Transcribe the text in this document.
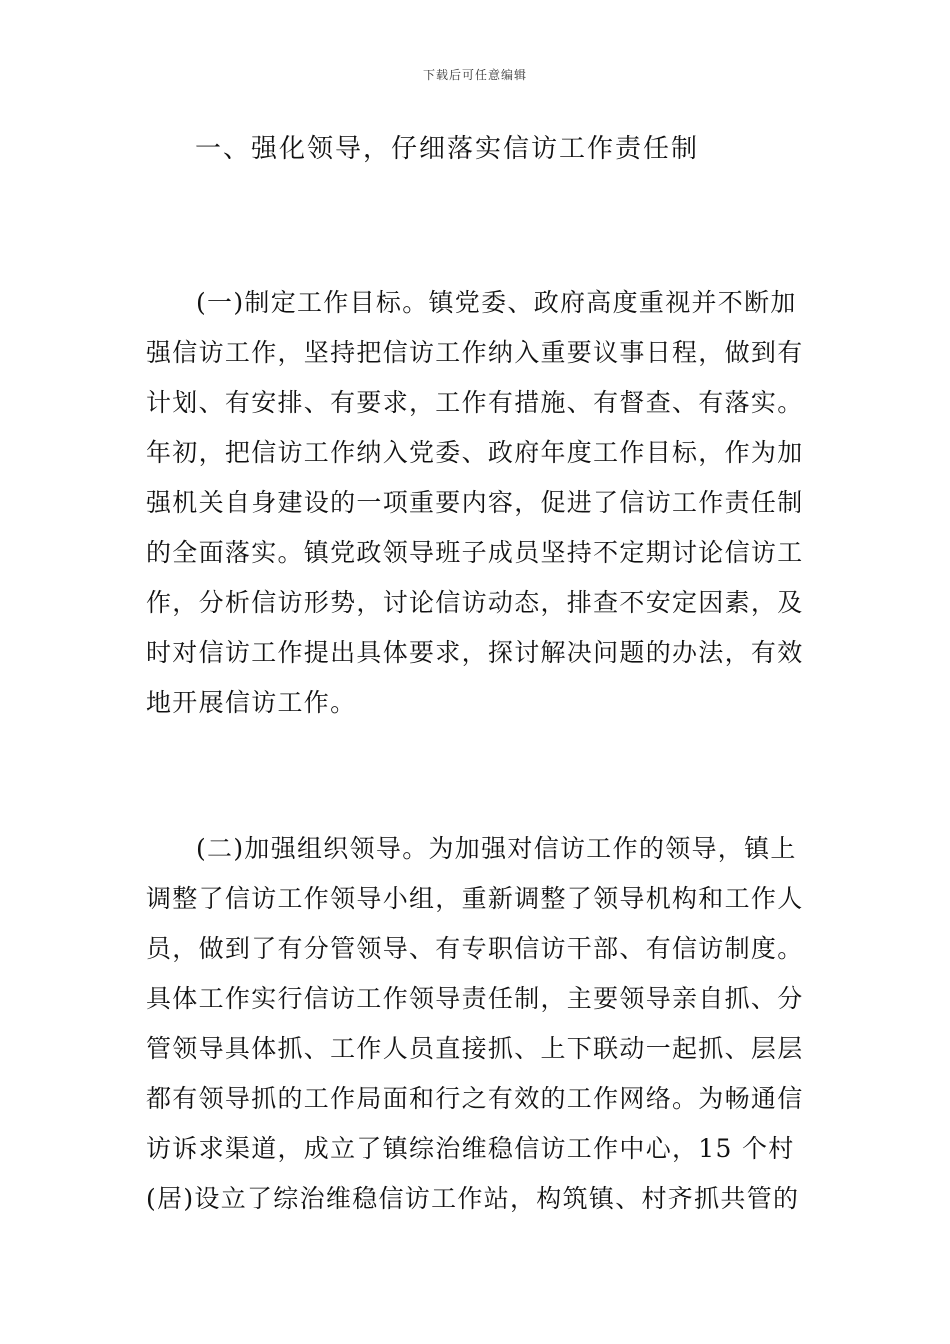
下载后可任意编辑
一、强化领导，仔细落实信访工作责任制
(一)制定工作目标。镇党委、政府高度重视并不断加
强信访工作，坚持把信访工作纳入重要议事日程，做到有
计划、有安排、有要求，工作有措施、有督查、有落实。
年初，把信访工作纳入党委、政府年度工作目标，作为加
强机关自身建设的一项重要内容，促进了信访工作责任制
的全面落实。镇党政领导班子成员坚持不定期讨论信访工
作，分析信访形势，讨论信访动态，排查不安定因素，及
时对信访工作提出具体要求，探讨解决问题的办法，有效
地开展信访工作。
(二)加强组织领导。为加强对信访工作的领导，镇上
调整了信访工作领导小组，重新调整了领导机构和工作人
员，做到了有分管领导、有专职信访干部、有信访制度。
具体工作实行信访工作领导责任制，主要领导亲自抓、分
管领导具体抓、工作人员直接抓、上下联动一起抓、层层
都有领导抓的工作局面和行之有效的工作网络。为畅通信
访诉求渠道，成立了镇综治维稳信访工作中心，15 个村
(居)设立了综治维稳信访工作站，构筑镇、村齐抓共管的
